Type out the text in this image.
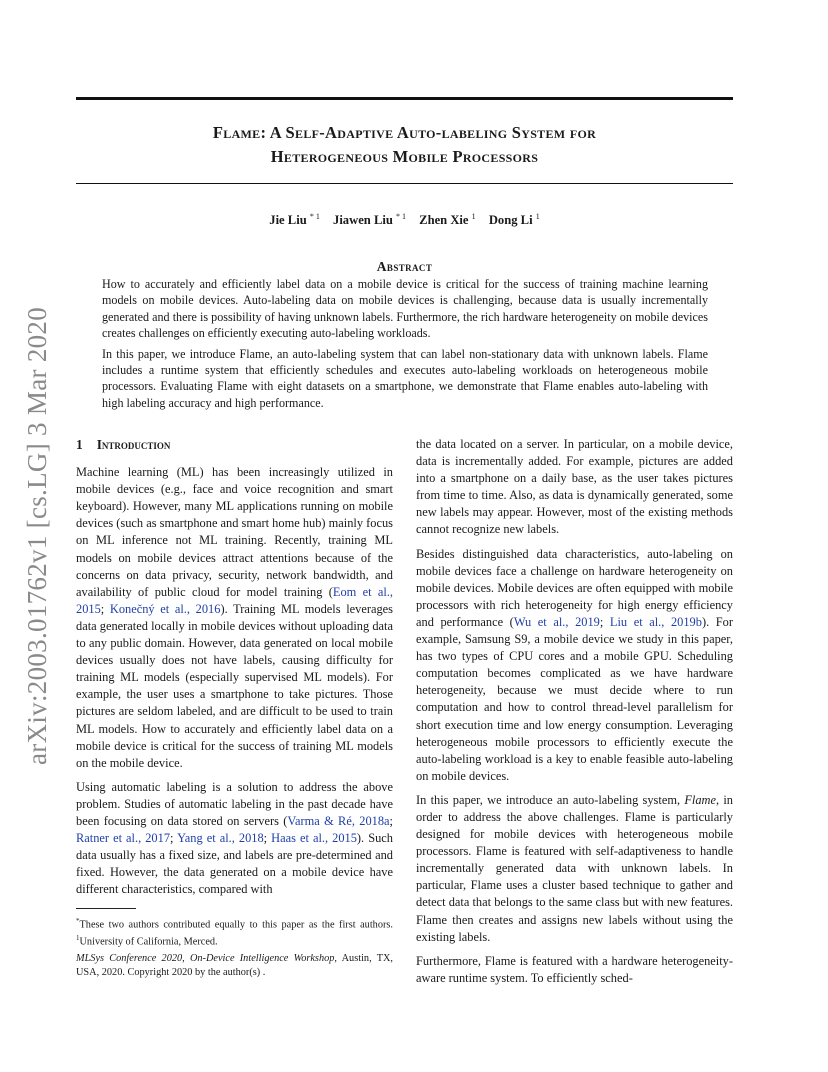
arXiv:2003.01762v1 [cs.LG] 3 Mar 2020
Flame: A Self-Adaptive Auto-labeling System for
Heterogeneous Mobile Processors
Jie Liu $^{* 1}$ Jiawen Liu $^{* 1}$ Zhen Xie $^1$ Dong Li $^1$
Abstract

How to accurately and efficiently label data on a mobile device is critical for the success of training machine learning models on mobile devices. Auto-labeling data on mobile devices is challenging, because data is usually incrementally generated and there is possibility of having unknown labels. Furthermore, the rich hardware heterogeneity on mobile devices creates challenges on efficiently executing auto-labeling workloads.

In this paper, we introduce Flame, an auto-labeling system that can label non-stationary data with unknown labels. Flame includes a runtime system that efficiently schedules and executes auto-labeling workloads on heterogeneous mobile processors. Evaluating Flame with eight datasets on a smartphone, we demonstrate that Flame enables auto-labeling with high labeling accuracy and high performance.

1 Introduction

Machine learning (ML) has been increasingly utilized in mobile devices (e.g., face and voice recognition and smart keyboard). However, many ML applications running on mobile devices (such as smartphone and smart home hub) mainly focus on ML inference not ML training. Recently, training ML models on mobile devices attract attentions because of the concerns on data privacy, security, network bandwidth, and availability of public cloud for model training (Eom et al., 2015; Konečný et al., 2016). Training ML models leverages data generated locally in mobile devices without uploading data to any public domain. However, data generated on local mobile devices usually does not have labels, causing difficulty for training ML models (especially supervised ML models). For example, the user uses a smartphone to take pictures. Those pictures are seldom labeled, and are difficult to be used to train ML models. How to accurately and efficiently label data on a mobile device is critical for the success of training ML models on the mobile device.

Using automatic labeling is a solution to address the above problem. Studies of automatic labeling in the past decade have been focusing on data stored on servers (Varma & Ré, 2018a; Ratner et al., 2017; Yang et al., 2018; Haas et al., 2015). Such data usually has a fixed size, and labels are pre-determined and fixed. However, the data generated on a mobile device have different characteristics, compared with

*These two authors contributed equally to this paper as the first authors. $^1$University of California, Merced.
MLSys Conference 2020, On-Device Intelligence Workshop, Austin, TX, USA, 2020. Copyright 2020 by the author(s) .

the data located on a server. In particular, on a mobile device, data is incrementally added. For example, pictures are added into a smartphone on a daily base, as the user takes pictures from time to time. Also, as data is dynamically generated, some new labels may appear. However, most of the existing methods cannot recognize new labels.

Besides distinguished data characteristics, auto-labeling on mobile devices face a challenge on hardware heterogeneity on mobile devices. Mobile devices are often equipped with mobile processors with rich heterogeneity for high energy efficiency and performance (Wu et al., 2019; Liu et al., 2019b). For example, Samsung S9, a mobile device we study in this paper, has two types of CPU cores and a mobile GPU. Scheduling computation becomes complicated as we have hardware heterogeneity, because we must decide where to run computation and how to control thread-level parallelism for short execution time and low energy consumption. Leveraging heterogeneous mobile processors to efficiently execute the auto-labeling workload is a key to enable feasible auto-labeling on mobile devices.

In this paper, we introduce an auto-labeling system, Flame, in order to address the above challenges. Flame is particularly designed for mobile devices with heterogeneous mobile processors. Flame is featured with self-adaptiveness to handle incrementally generated data with unknown labels. In particular, Flame uses a cluster based technique to gather and detect data that belongs to the same class but with new features. Flame then creates and assigns new labels without using the existing labels.

Furthermore, Flame is featured with a hardware heterogeneity-aware runtime system. To efficiently sched-
